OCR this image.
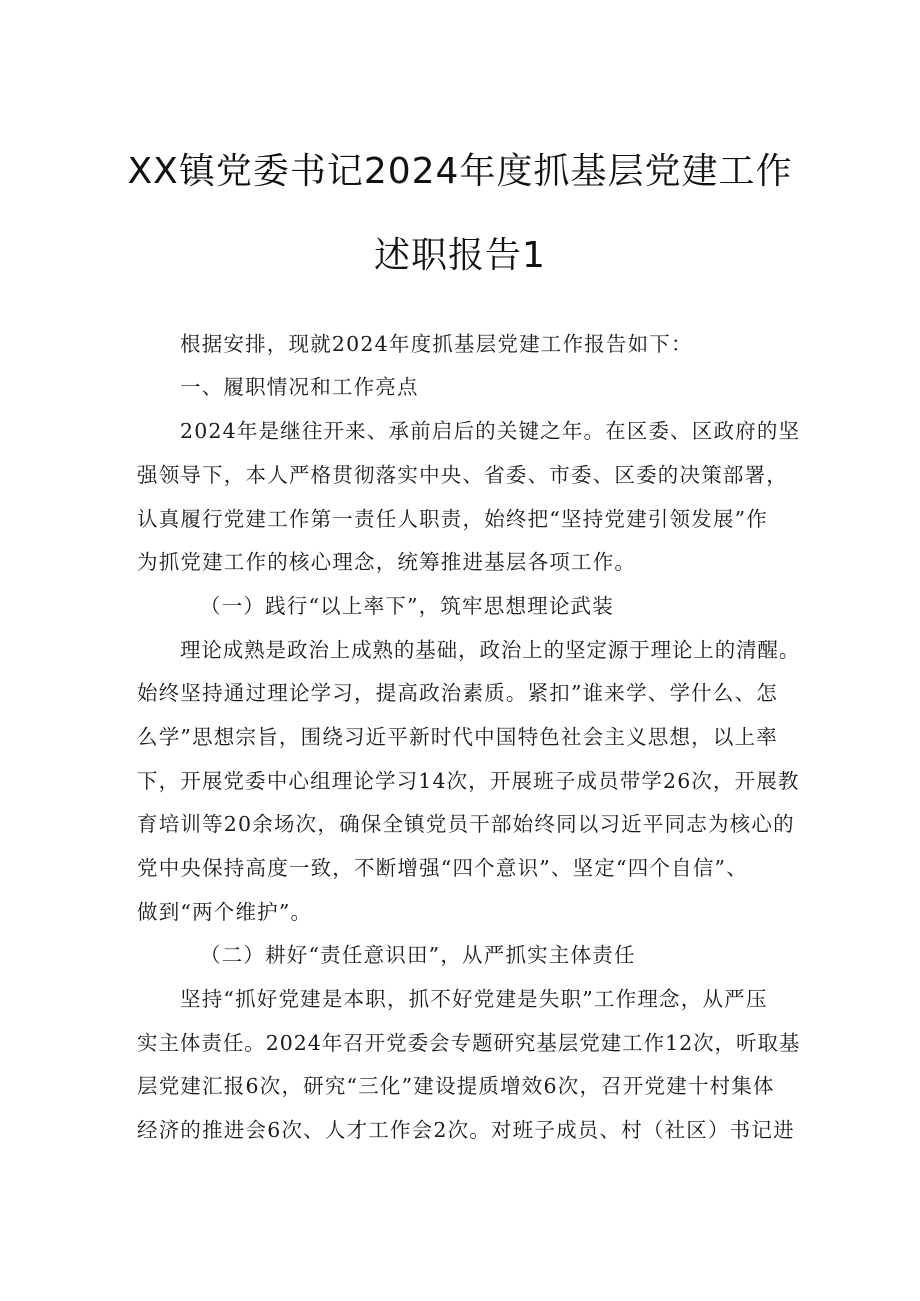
XX镇党委书记2024年度抓基层党建工作
述职报告1
根据安排，现就2024年度抓基层党建工作报告如下：
一、履职情况和工作亮点
2024年是继往开来、承前启后的关键之年。在区委、区政府的坚
强领导下，本人严格贯彻落实中央、省委、市委、区委的决策部署，
认真履行党建工作第一责任人职责，始终把“坚持党建引领发展”作
为抓党建工作的核心理念，统筹推进基层各项工作。
（一）践行“以上率下”，筑牢思想理论武装
理论成熟是政治上成熟的基础，政治上的坚定源于理论上的清醒。
始终坚持通过理论学习，提高政治素质。紧扣”谁来学、学什么、怎
么学”思想宗旨，围绕习近平新时代中国特色社会主义思想，以上率
下，开展党委中心组理论学习14次，开展班子成员带学26次，开展教
育培训等20余场次，确保全镇党员干部始终同以习近平同志为核心的
党中央保持高度一致，不断增强“四个意识”、坚定“四个自信”、
做到“两个维护”。
（二）耕好“责任意识田”，从严抓实主体责任
坚持“抓好党建是本职，抓不好党建是失职”工作理念，从严压
实主体责任。2024年召开党委会专题研究基层党建工作12次，听取基
层党建汇报6次，研究“三化”建设提质增效6次，召开党建十村集体
经济的推进会6次、人才工作会2次。对班子成员、村（社区）书记进
